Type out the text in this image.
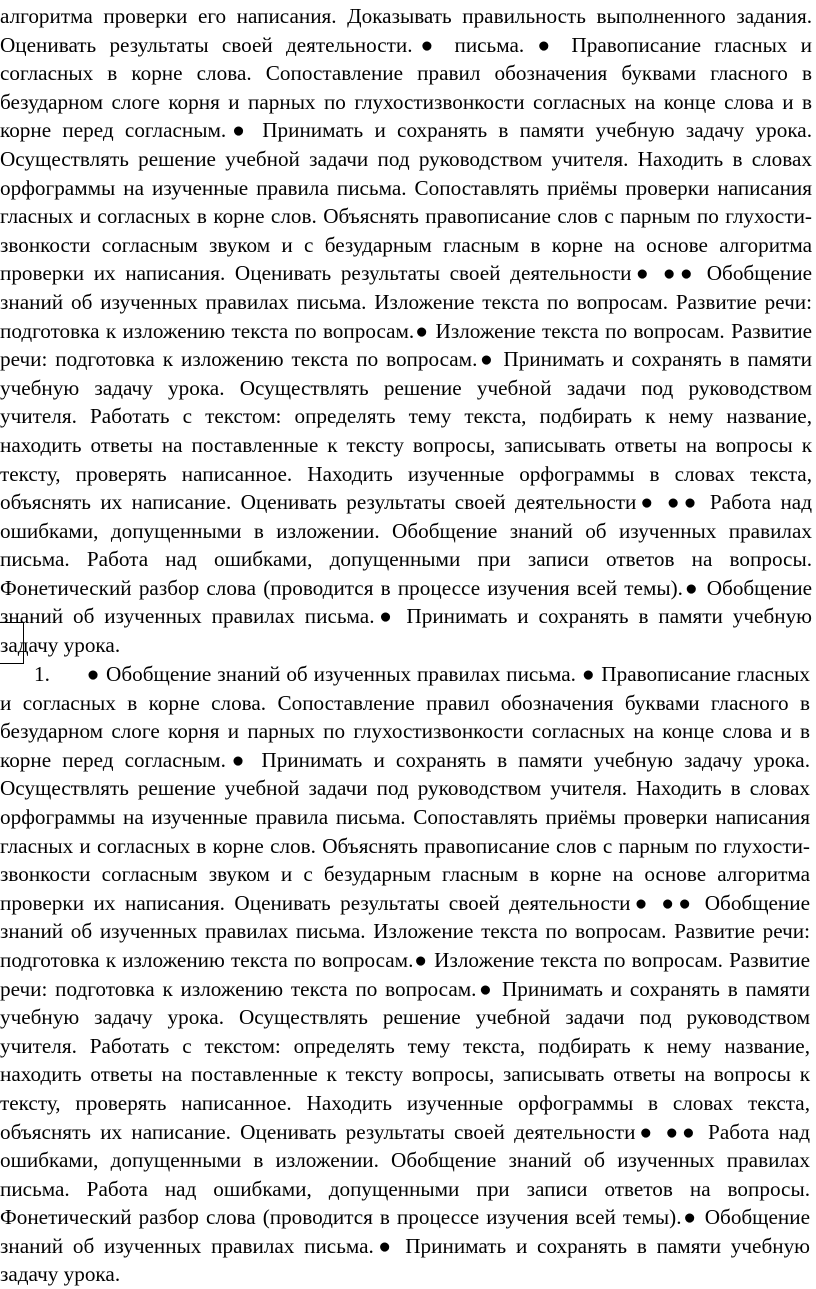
алгоритма проверки его написания. Доказывать правильность выполненного задания. Оценивать результаты своей деятельности.● письма. ● Правописание гласных и согласных в корне слова. Сопоставление правил обозначения буквами гласного в безударном слоге корня и парных по глухостизвонкости согласных на конце слова и в корне перед согласным.● Принимать и сохранять в памяти учебную задачу урока. Осуществлять решение учебной задачи под руководством учителя. Находить в словах орфограммы на изученные правила письма. Сопоставлять приёмы проверки написания гласных и согласных в корне слов. Объяснять правописание слов с парным по глухости-звонкости согласным звуком и с безударным гласным в корне на основе алгоритма проверки их написания. Оценивать результаты своей деятельности● ●● Обобщение знаний об изученных правилах письма. Изложение текста по вопросам. Развитие речи: подготовка к изложению текста по вопросам.● Изложение текста по вопросам. Развитие речи: подготовка к изложению текста по вопросам.● Принимать и сохранять в памяти учебную задачу урока. Осуществлять решение учебной задачи под руководством учителя. Работать с текстом: определять тему текста, подбирать к нему название, находить ответы на поставленные к тексту вопросы, записывать ответы на вопросы к тексту, проверять написанное. Находить изученные орфограммы в словах текста, объяснять их написание. Оценивать результаты своей деятельности● ●● Работа над ошибками, допущенными в изложении. Обобщение знаний об изученных правилах письма. Работа над ошибками, допущенными при записи ответов на вопросы. Фонетический разбор слова (проводится в процессе изучения всей темы).● Обобщение знаний об изученных правилах письма.● Принимать и сохранять в памяти учебную задачу урока.

1. ● Обобщение знаний об изученных правилах письма. ● Правописание гласных и согласных в корне слова. Сопоставление правил обозначения буквами гласного в безударном слоге корня и парных по глухостизвонкости согласных на конце слова и в корне перед согласным.● Принимать и сохранять в памяти учебную задачу урока. Осуществлять решение учебной задачи под руководством учителя. Находить в словах орфограммы на изученные правила письма. Сопоставлять приёмы проверки написания гласных и согласных в корне слов. Объяснять правописание слов с парным по глухости-звонкости согласным звуком и с безударным гласным в корне на основе алгоритма проверки их написания. Оценивать результаты своей деятельности● ●● Обобщение знаний об изученных правилах письма. Изложение текста по вопросам. Развитие речи: подготовка к изложению текста по вопросам.● Изложение текста по вопросам. Развитие речи: подготовка к изложению текста по вопросам.● Принимать и сохранять в памяти учебную задачу урока. Осуществлять решение учебной задачи под руководством учителя. Работать с текстом: определять тему текста, подбирать к нему название, находить ответы на поставленные к тексту вопросы, записывать ответы на вопросы к тексту, проверять написанное. Находить изученные орфограммы в словах текста, объяснять их написание. Оценивать результаты своей деятельности● ●● Работа над ошибками, допущенными в изложении. Обобщение знаний об изученных правилах письма. Работа над ошибками, допущенными при записи ответов на вопросы. Фонетический разбор слова (проводится в процессе изучения всей темы).● Обобщение знаний об изученных правилах письма.● Принимать и сохранять в памяти учебную задачу урока.
